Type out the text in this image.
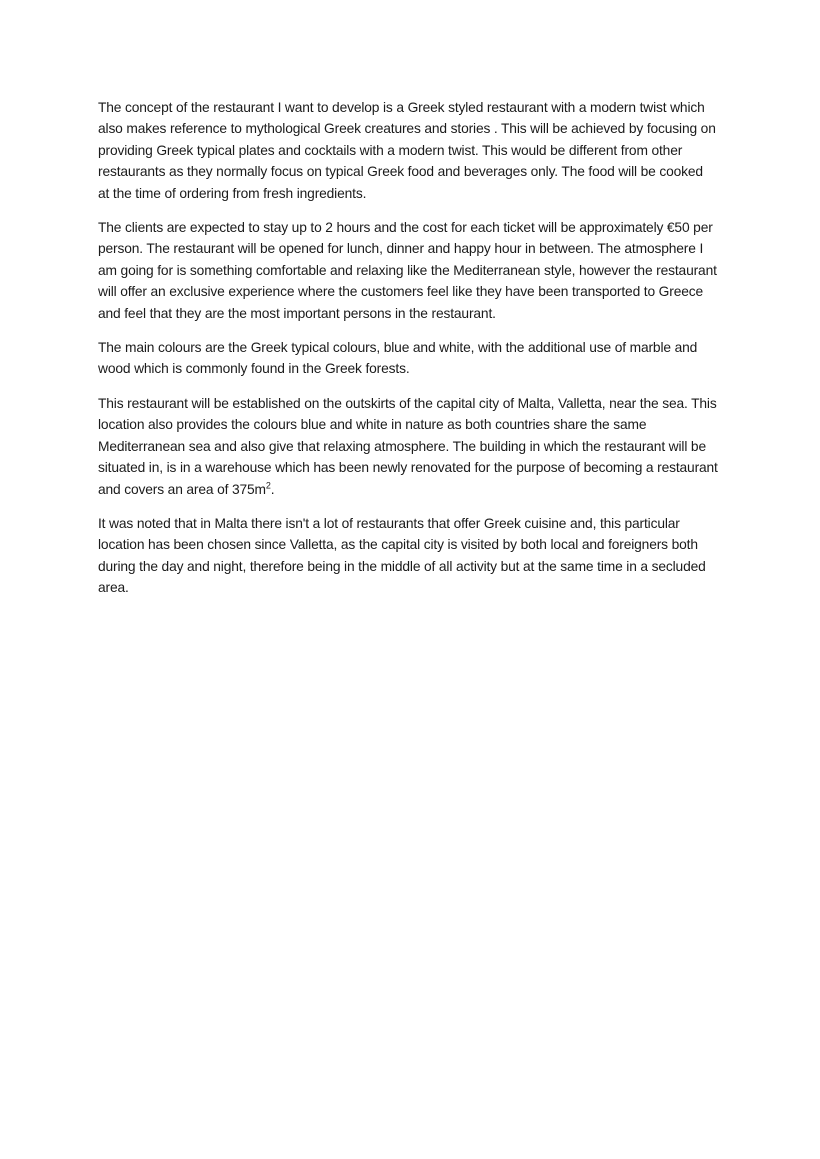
The concept of the restaurant I want to develop is a Greek styled restaurant with a modern twist which also makes reference to mythological Greek creatures and stories . This will be achieved by focusing on providing Greek typical plates and cocktails with a modern twist. This would be different from other restaurants as they normally focus on typical Greek food and beverages only. The food will be cooked  at the time of ordering from fresh ingredients.

The clients are expected to stay up to 2 hours and the cost for each ticket will be approximately €50 per person. The restaurant will be opened for lunch, dinner and happy hour in between. The atmosphere I am going for is something comfortable and relaxing like the Mediterranean style, however the restaurant will offer an exclusive experience where the customers feel like they have been transported to Greece and feel that they are the most important persons in the restaurant.

The main colours are the Greek typical colours, blue and white, with the additional use of marble and wood which is commonly found in the Greek forests.

This restaurant will be established on the outskirts of the capital city of Malta, Valletta, near the sea. This location also provides the colours blue and white in nature as both countries share the same Mediterranean sea and also give that relaxing atmosphere. The building in which the restaurant will be situated in, is in a warehouse which has been newly renovated for the purpose of becoming a restaurant and covers an area of $375m^2$.

It was noted that in Malta there isn't a lot of restaurants that offer Greek cuisine and, this particular location has been chosen since Valletta, as the capital city is visited by both local and foreigners both during the day and night, therefore being in the middle of all activity but at the same time in a secluded area.
